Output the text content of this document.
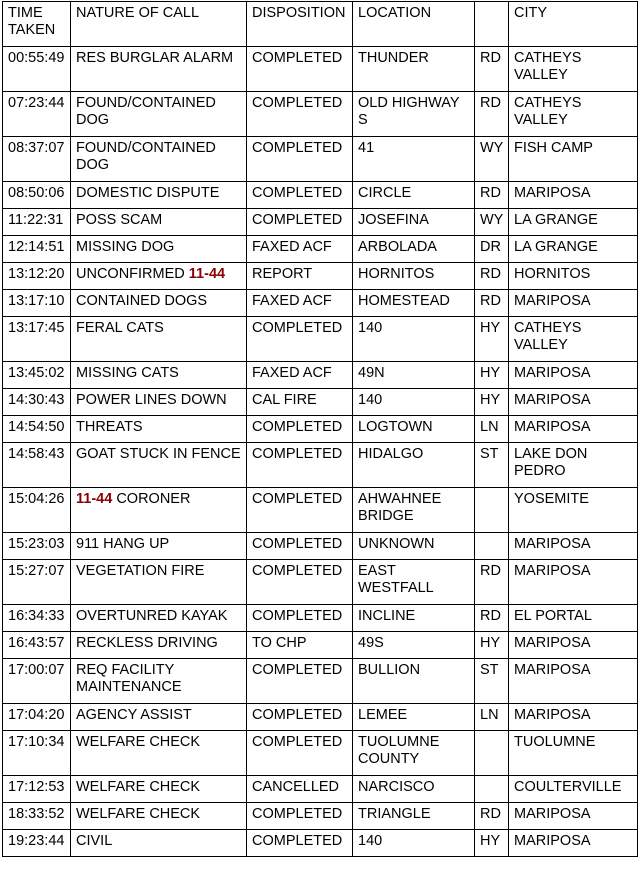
TIME TAKEN	NATURE OF CALL	DISPOSITION	LOCATION		CITY
00:55:49	RES BURGLAR ALARM	COMPLETED	THUNDER	RD	CATHEYS VALLEY
07:23:44	FOUND/CONTAINED DOG	COMPLETED	OLD HIGHWAY S	RD	CATHEYS VALLEY
08:37:07	FOUND/CONTAINED DOG	COMPLETED	41	WY	FISH CAMP
08:50:06	DOMESTIC DISPUTE	COMPLETED	CIRCLE	RD	MARIPOSA
11:22:31	POSS SCAM	COMPLETED	JOSEFINA	WY	LA GRANGE
12:14:51	MISSING DOG	FAXED ACF	ARBOLADA	DR	LA GRANGE
13:12:20	UNCONFIRMED 11-44	REPORT	HORNITOS	RD	HORNITOS
13:17:10	CONTAINED DOGS	FAXED ACF	HOMESTEAD	RD	MARIPOSA
13:17:45	FERAL CATS	COMPLETED	140	HY	CATHEYS VALLEY
13:45:02	MISSING CATS	FAXED ACF	49N	HY	MARIPOSA
14:30:43	POWER LINES DOWN	CAL FIRE	140	HY	MARIPOSA
14:54:50	THREATS	COMPLETED	LOGTOWN	LN	MARIPOSA
14:58:43	GOAT STUCK IN FENCE	COMPLETED	HIDALGO	ST	LAKE DON PEDRO
15:04:26	11-44 CORONER	COMPLETED	AHWAHNEE BRIDGE		YOSEMITE
15:23:03	911 HANG UP	COMPLETED	UNKNOWN		MARIPOSA
15:27:07	VEGETATION FIRE	COMPLETED	EAST WESTFALL	RD	MARIPOSA
16:34:33	OVERTUNRED KAYAK	COMPLETED	INCLINE	RD	EL PORTAL
16:43:57	RECKLESS DRIVING	TO CHP	49S	HY	MARIPOSA
17:00:07	REQ FACILITY MAINTENANCE	COMPLETED	BULLION	ST	MARIPOSA
17:04:20	AGENCY ASSIST	COMPLETED	LEMEE	LN	MARIPOSA
17:10:34	WELFARE CHECK	COMPLETED	TUOLUMNE COUNTY		TUOLUMNE
17:12:53	WELFARE CHECK	CANCELLED	NARCISCO		COULTERVILLE
18:33:52	WELFARE CHECK	COMPLETED	TRIANGLE	RD	MARIPOSA
19:23:44	CIVIL	COMPLETED	140	HY	MARIPOSA
